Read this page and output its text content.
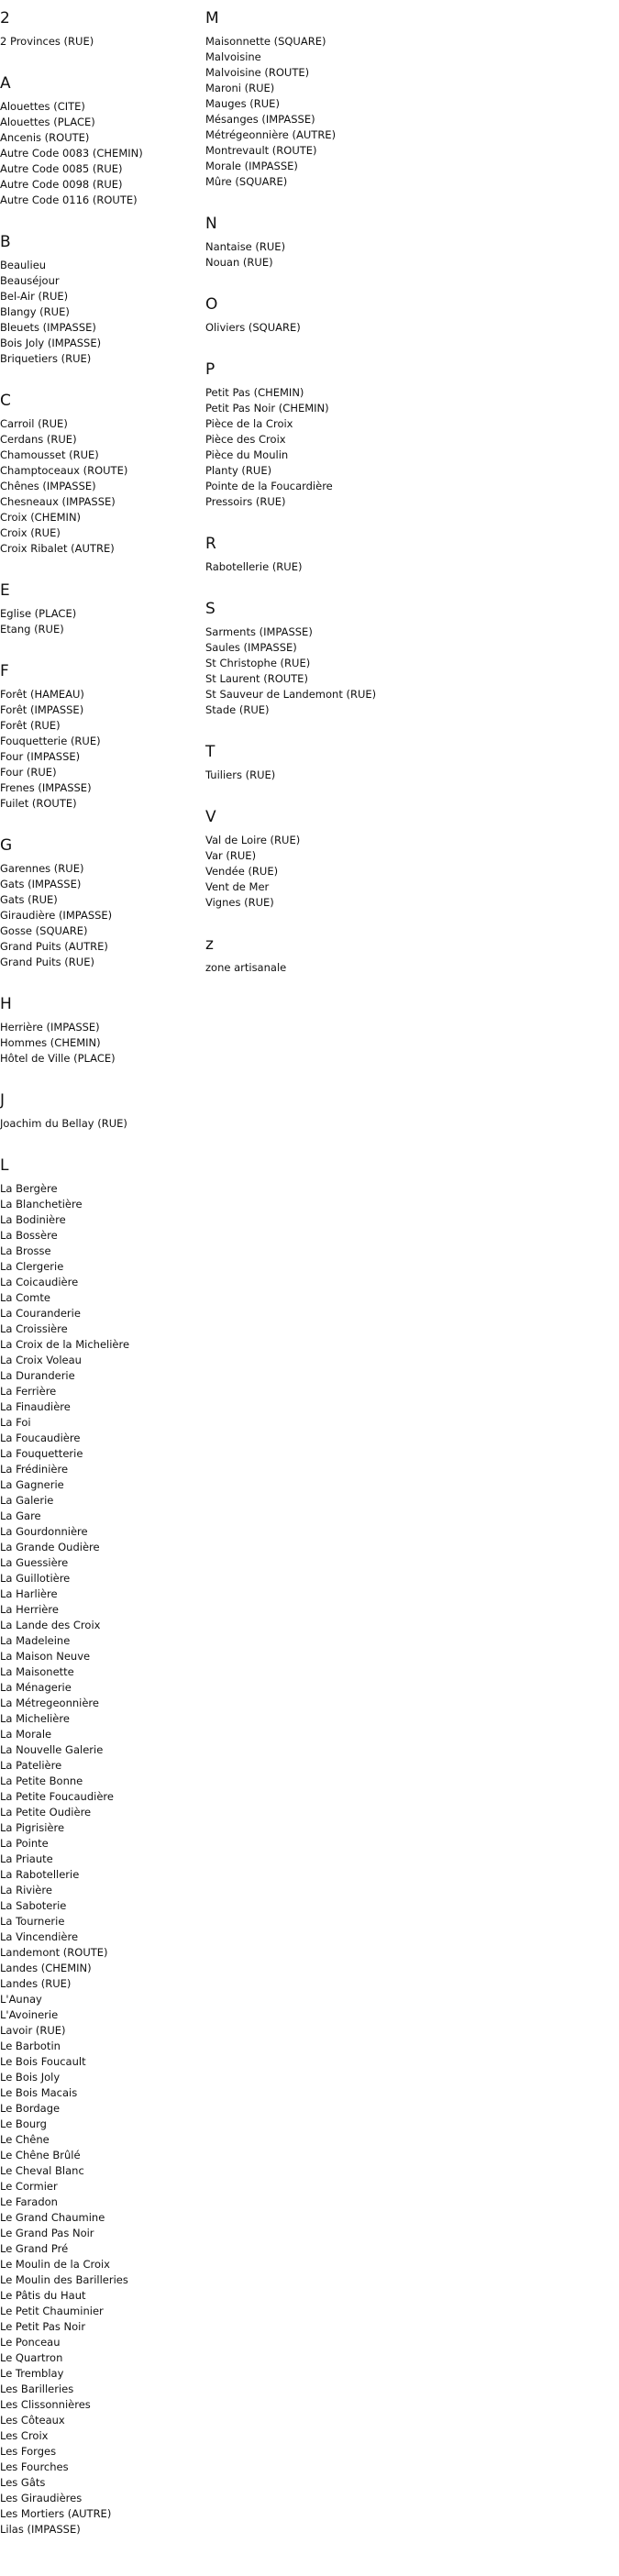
2
2 Provinces (RUE)
A
Alouettes (CITE)
Alouettes (PLACE)
Ancenis (ROUTE)
Autre Code 0083 (CHEMIN)
Autre Code 0085 (RUE)
Autre Code 0098 (RUE)
Autre Code 0116 (ROUTE)
B
Beaulieu
Beauséjour
Bel-Air (RUE)
Blangy (RUE)
Bleuets (IMPASSE)
Bois Joly (IMPASSE)
Briquetiers (RUE)
C
Carroil (RUE)
Cerdans (RUE)
Chamousset (RUE)
Champtoceaux (ROUTE)
Chênes (IMPASSE)
Chesneaux (IMPASSE)
Croix (CHEMIN)
Croix (RUE)
Croix Ribalet (AUTRE)
E
Eglise (PLACE)
Etang (RUE)
F
Forêt (HAMEAU)
Forêt (IMPASSE)
Forêt (RUE)
Fouquetterie (RUE)
Four (IMPASSE)
Four (RUE)
Frenes (IMPASSE)
Fuilet (ROUTE)
G
Garennes (RUE)
Gats (IMPASSE)
Gats (RUE)
Giraudière (IMPASSE)
Gosse (SQUARE)
Grand Puits (AUTRE)
Grand Puits (RUE)
H
Herrière (IMPASSE)
Hommes (CHEMIN)
Hôtel de Ville (PLACE)
J
Joachim du Bellay (RUE)
L
La Bergère
La Blanchetière
La Bodinière
La Bossère
La Brosse
La Clergerie
La Coicaudière
La Comte
La Couranderie
La Croissière
La Croix de la Michelière
La Croix Voleau
La Duranderie
La Ferrière
La Finaudière
La Foi
La Foucaudière
La Fouquetterie
La Frédinière
La Gagnerie
La Galerie
La Gare
La Gourdonnière
La Grande Oudière
La Guessière
La Guillotière
La Harlière
La Herrière
La Lande des Croix
La Madeleine
La Maison Neuve
La Maisonette
La Ménagerie
La Métregeonnière
La Michelière
La Morale
La Nouvelle Galerie
La Patelière
La Petite Bonne
La Petite Foucaudière
La Petite Oudière
La Pigrisière
La Pointe
La Priaute
La Rabotellerie
La Rivière
La Saboterie
La Tournerie
La Vincendière
Landemont (ROUTE)
Landes (CHEMIN)
Landes (RUE)
L'Aunay
L'Avoinerie
Lavoir (RUE)
Le Barbotin
Le Bois Foucault
Le Bois Joly
Le Bois Macais
Le Bordage
Le Bourg
Le Chêne
Le Chêne Brûlé
Le Cheval Blanc
Le Cormier
Le Faradon
Le Grand Chaumine
Le Grand Pas Noir
Le Grand Pré
Le Moulin de la Croix
Le Moulin des Barilleries
Le Pâtis du Haut
Le Petit Chauminier
Le Petit Pas Noir
Le Ponceau
Le Quartron
Le Tremblay
Les Barilleries
Les Clissonnières
Les Côteaux
Les Croix
Les Forges
Les Fourches
Les Gâts
Les Giraudières
Les Mortiers (AUTRE)
Lilas (IMPASSE)
M
Maisonnette (SQUARE)
Malvoisine
Malvoisine (ROUTE)
Maroni (RUE)
Mauges (RUE)
Mésanges (IMPASSE)
Métrégeonnière (AUTRE)
Montrevault (ROUTE)
Morale (IMPASSE)
Mûre (SQUARE)
N
Nantaise (RUE)
Nouan (RUE)
O
Oliviers (SQUARE)
P
Petit Pas (CHEMIN)
Petit Pas Noir (CHEMIN)
Pièce de la Croix
Pièce des Croix
Pièce du Moulin
Planty (RUE)
Pointe de la Foucardière
Pressoirs (RUE)
R
Rabotellerie (RUE)
S
Sarments (IMPASSE)
Saules (IMPASSE)
St Christophe (RUE)
St Laurent (ROUTE)
St Sauveur de Landemont (RUE)
Stade (RUE)
T
Tuiliers (RUE)
V
Val de Loire (RUE)
Var (RUE)
Vendée (RUE)
Vent de Mer
Vignes (RUE)
z
zone artisanale
